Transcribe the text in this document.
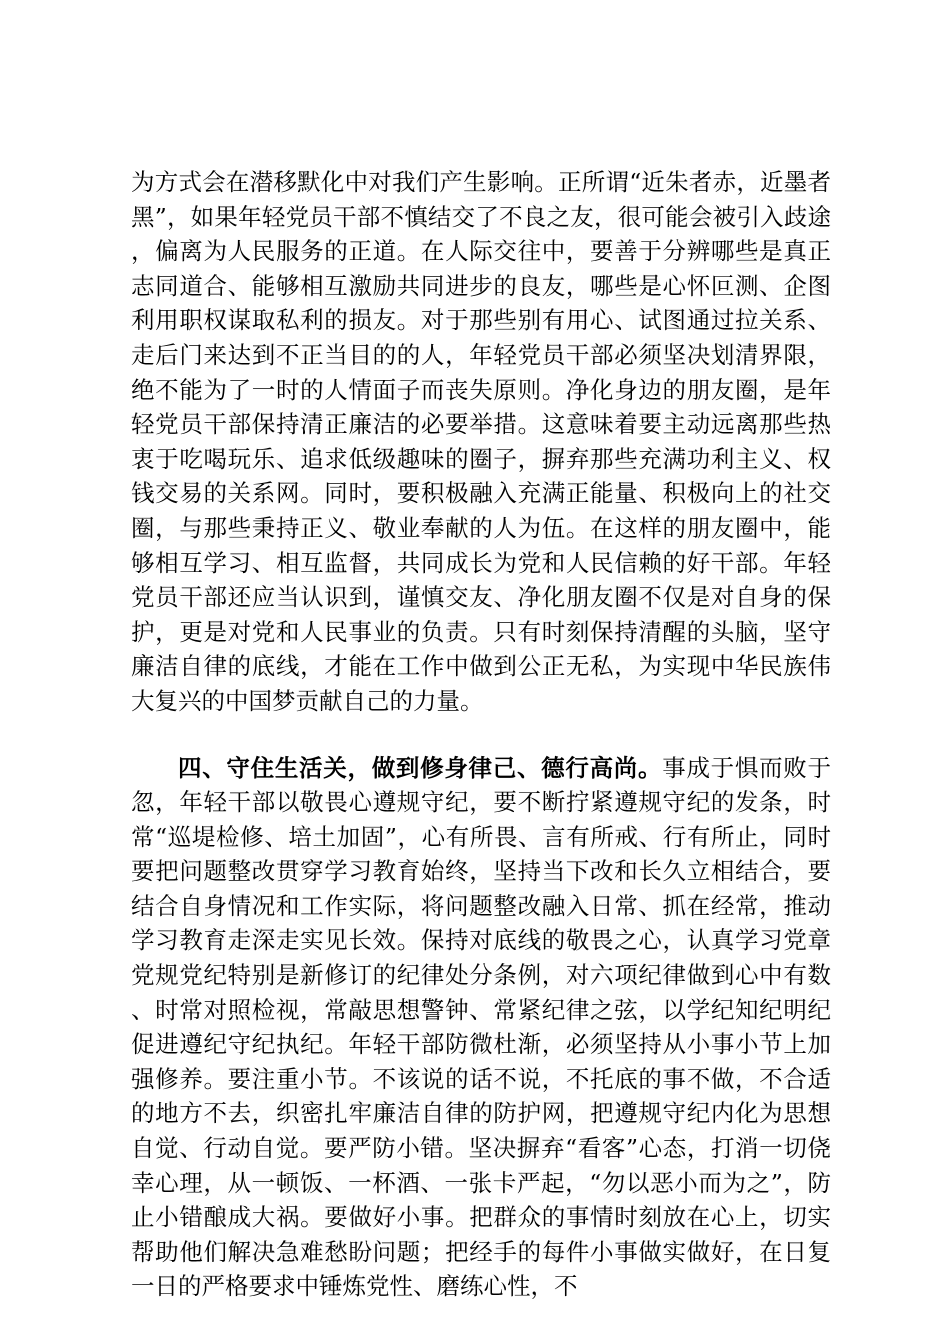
为方式会在潜移默化中对我们产生影响。正所谓“近朱者赤，近墨者黑”，如果年轻党员干部不慎结交了不良之友，很可能会被引入歧途，偏离为人民服务的正道。在人际交往中，要善于分辨哪些是真正志同道合、能够相互激励共同进步的良友，哪些是心怀叵测、企图利用职权谋取私利的损友。对于那些别有用心、试图通过拉关系、走后门来达到不正当目的的人，年轻党员干部必须坚决划清界限，绝不能为了一时的人情面子而丧失原则。净化身边的朋友圈，是年轻党员干部保持清正廉洁的必要举措。这意味着要主动远离那些热衷于吃喝玩乐、追求低级趣味的圈子，摒弃那些充满功利主义、权钱交易的关系网。同时，要积极融入充满正能量、积极向上的社交圈，与那些秉持正义、敬业奉献的人为伍。在这样的朋友圈中，能够相互学习、相互监督，共同成长为党和人民信赖的好干部。年轻党员干部还应当认识到，谨慎交友、净化朋友圈不仅是对自身的保护，更是对党和人民事业的负责。只有时刻保持清醒的头脑，坚守廉洁自律的底线，才能在工作中做到公正无私，为实现中华民族伟大复兴的中国梦贡献自己的力量。

四、守住生活关，做到修身律己、德行高尚。事成于惧而败于忽，年轻干部以敬畏心遵规守纪，要不断拧紧遵规守纪的发条，时常“巡堤检修、培土加固”，心有所畏、言有所戒、行有所止，同时要把问题整改贯穿学习教育始终，坚持当下改和长久立相结合，要结合自身情况和工作实际，将问题整改融入日常、抓在经常，推动学习教育走深走实见长效。保持对底线的敬畏之心，认真学习党章党规党纪特别是新修订的纪律处分条例，对六项纪律做到心中有数、时常对照检视，常敲思想警钟、常紧纪律之弦，以学纪知纪明纪促进遵纪守纪执纪。年轻干部防微杜渐，必须坚持从小事小节上加强修养。要注重小节。不该说的话不说，不托底的事不做，不合适的地方不去，织密扎牢廉洁自律的防护网，把遵规守纪内化为思想自觉、行动自觉。要严防小错。坚决摒弃“看客”心态，打消一切侥幸心理，从一顿饭、一杯酒、一张卡严起，“勿以恶小而为之”，防止小错酿成大祸。要做好小事。把群众的事情时刻放在心上，切实帮助他们解决急难愁盼问题；把经手的每件小事做实做好，在日复一日的严格要求中锤炼党性、磨练心性，不
